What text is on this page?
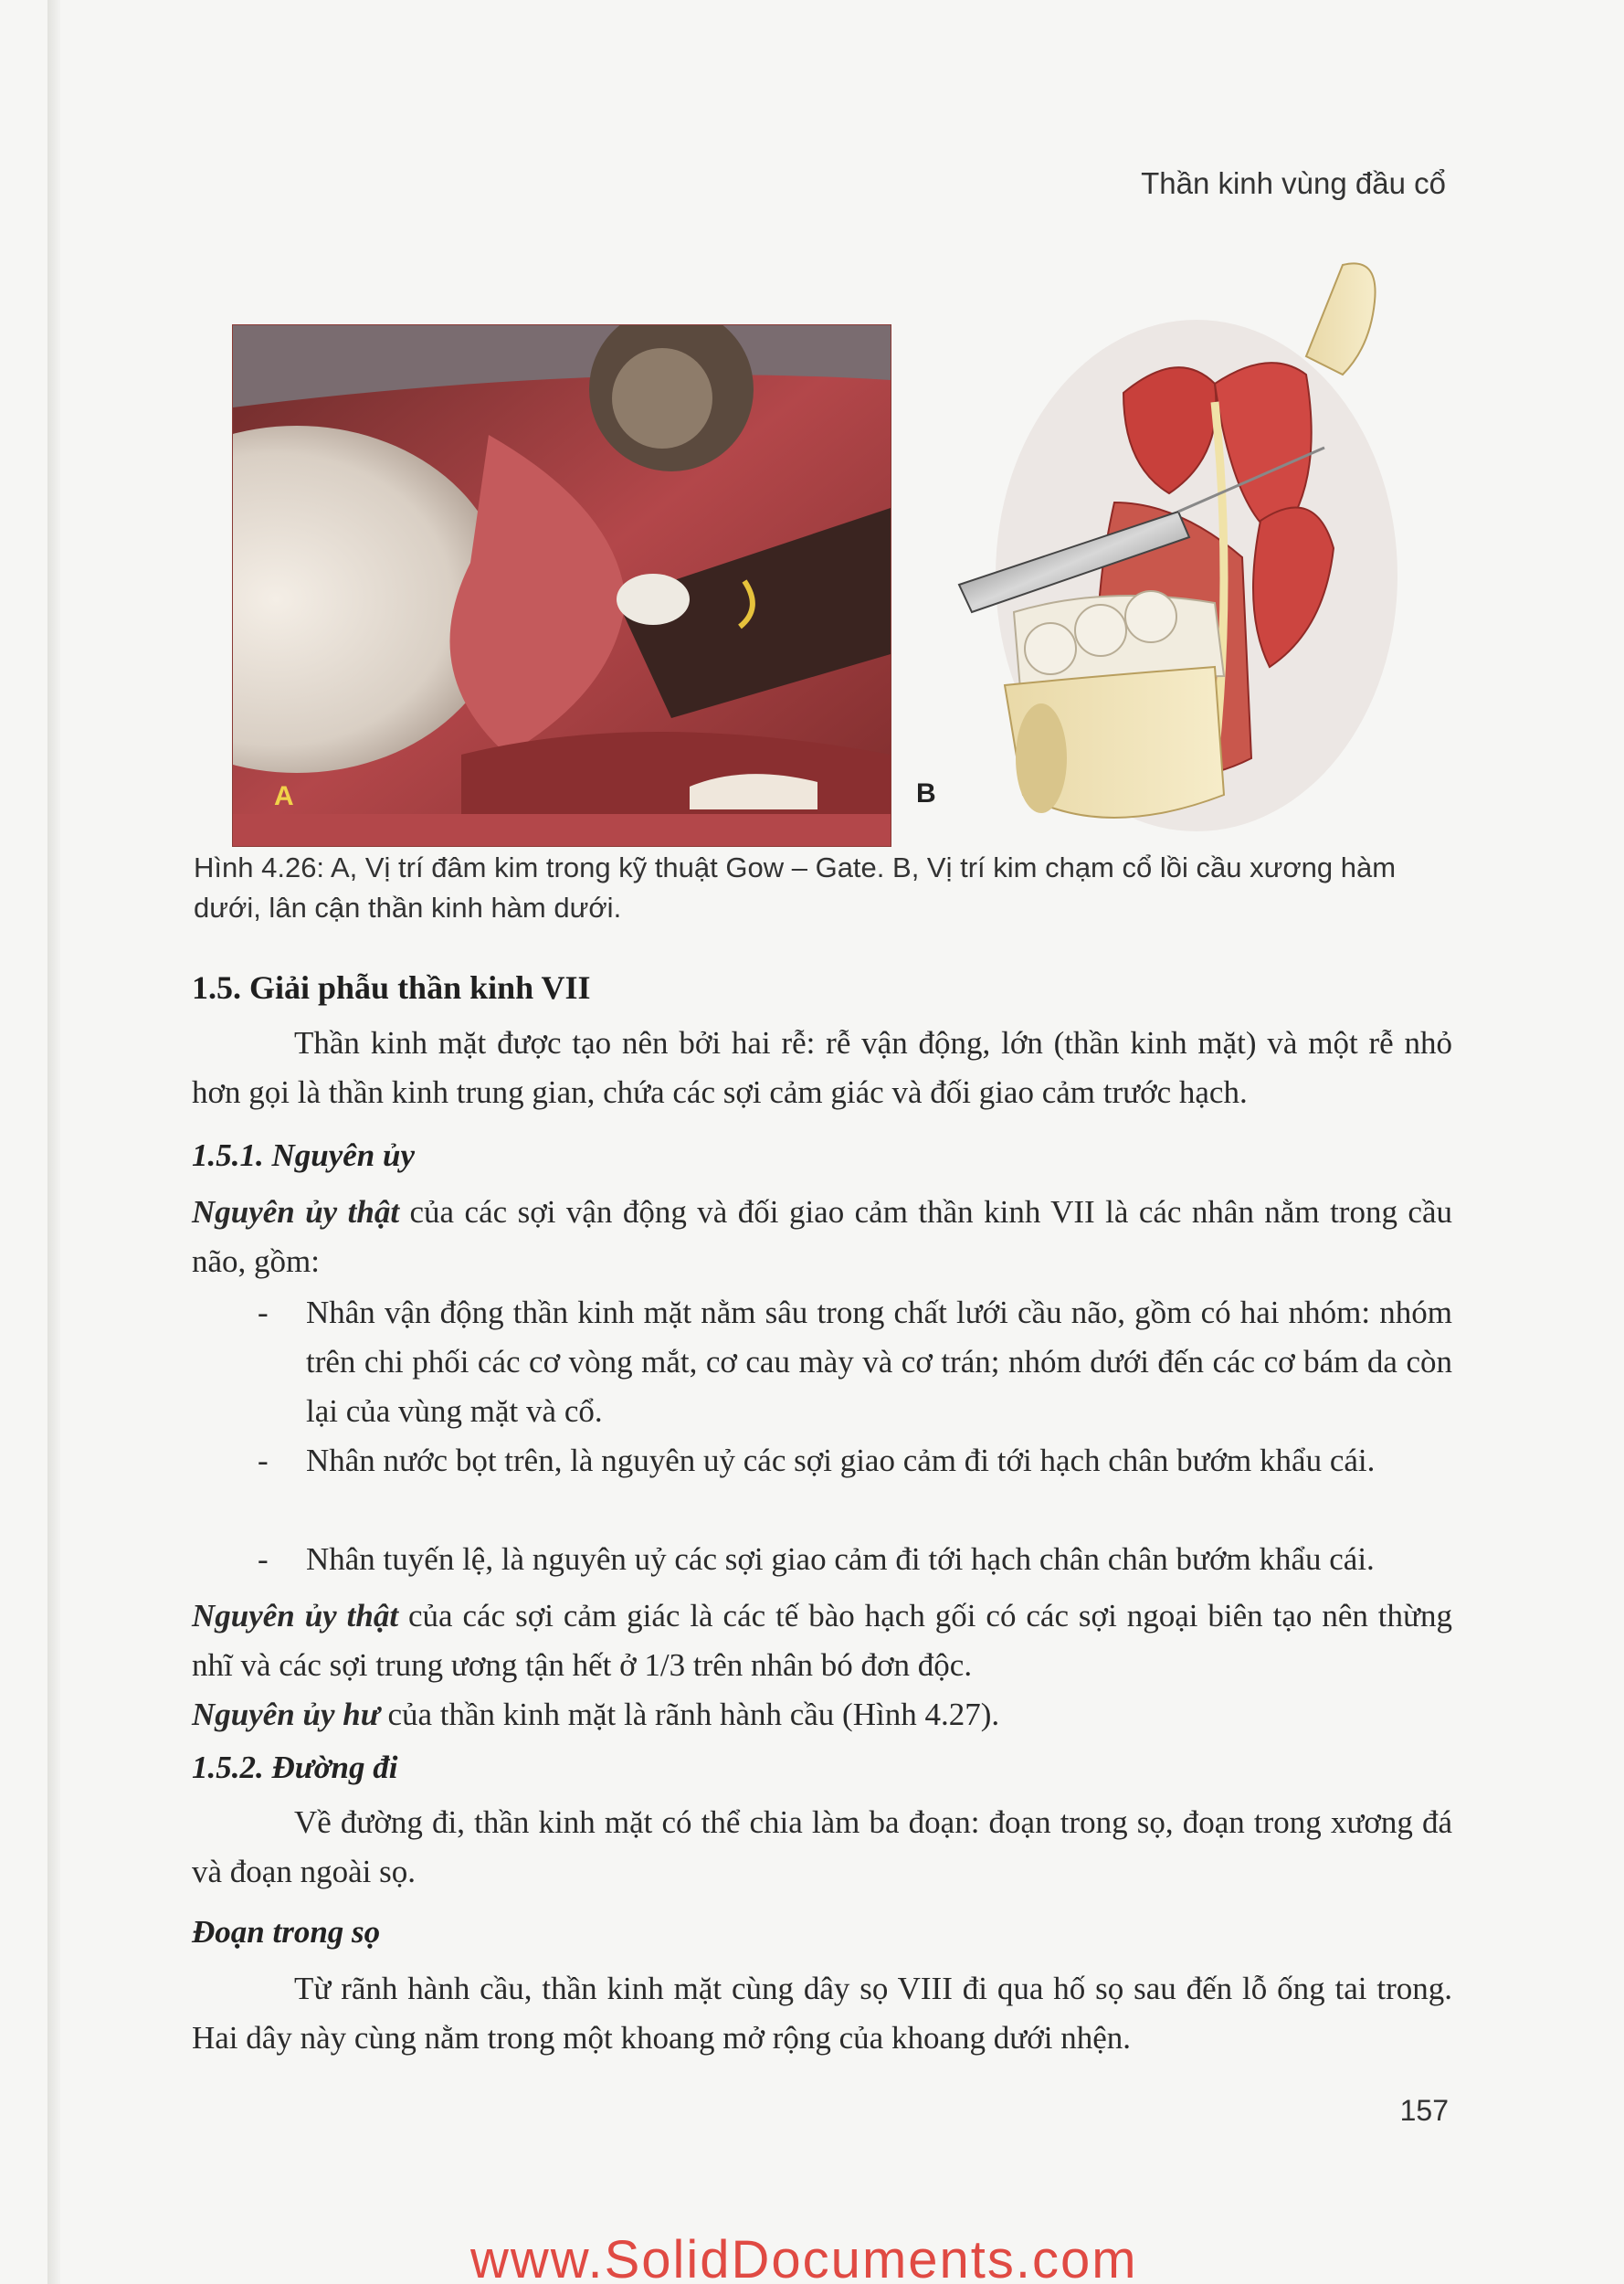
Thần kinh vùng đầu cổ
A	B
Hình 4.26: A, Vị trí đâm kim trong kỹ thuật Gow – Gate. B, Vị trí kim chạm cổ lồi cầu xương hàm dưới, lân cận thần kinh hàm dưới.
1.5. Giải phẫu thần kinh VII
Thần kinh mặt được tạo nên bởi hai rễ: rễ vận động, lớn (thần kinh mặt) và một rễ nhỏ hơn gọi là thần kinh trung gian, chứa các sợi cảm giác và đối giao cảm trước hạch.
1.5.1. Nguyên ủy
Nguyên ủy thật của các sợi vận động và đối giao cảm thần kinh VII là các nhân nằm trong cầu não, gồm:
- Nhân vận động thần kinh mặt nằm sâu trong chất lưới cầu não, gồm có hai nhóm: nhóm trên chi phối các cơ vòng mắt, cơ cau mày và cơ trán; nhóm dưới đến các cơ bám da còn lại của vùng mặt và cổ.
- Nhân nước bọt trên, là nguyên uỷ các sợi giao cảm đi tới hạch chân bướm khẩu cái.
- Nhân tuyến lệ, là nguyên uỷ các sợi giao cảm đi tới hạch chân chân bướm khẩu cái.
Nguyên ủy thật của các sợi cảm giác là các tế bào hạch gối có các sợi ngoại biên tạo nên thừng nhĩ và các sợi trung ương tận hết ở 1/3 trên nhân bó đơn độc.
Nguyên ủy hư của thần kinh mặt là rãnh hành cầu (Hình 4.27).
1.5.2. Đường đi
Về đường đi, thần kinh mặt có thể chia làm ba đoạn: đoạn trong sọ, đoạn trong xương đá và đoạn ngoài sọ.
Đoạn trong sọ
Từ rãnh hành cầu, thần kinh mặt cùng dây sọ VIII đi qua hố sọ sau đến lỗ ống tai trong. Hai dây này cùng nằm trong một khoang mở rộng của khoang dưới nhện.
157
www.SolidDocuments.com
